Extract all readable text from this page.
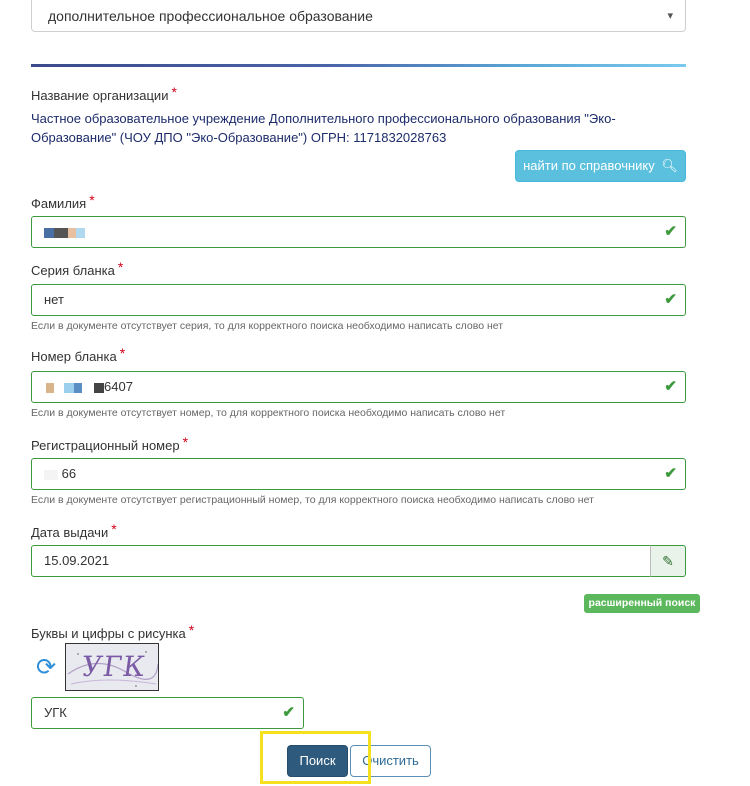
дополнительное профессиональное образование	▾
Название организации *
Частное образовательное учреждение Дополнительного профессионального образования "Эко-Образование" (ЧОУ ДПО "Эко-Образование") ОГРН: 1171832028763
найти по справочнику 🔍︎
Фамилия *
✔
Серия бланка *
нет	✔
Если в документе отсутствует серия, то для корректного поиска необходимо написать слово нет
Номер бланка *
6407	✔
Если в документе отсутствует номер, то для корректного поиска необходимо написать слово нет
Регистрационный номер *
66	✔
Если в документе отсутствует регистрационный номер, то для корректного поиска необходимо написать слово нет
Дата выдачи *
15.09.2021	✎
расширенный поиск
Буквы и цифры с рисунка *
⟳ УГК
УГК	✔
Поиск	Очистить
